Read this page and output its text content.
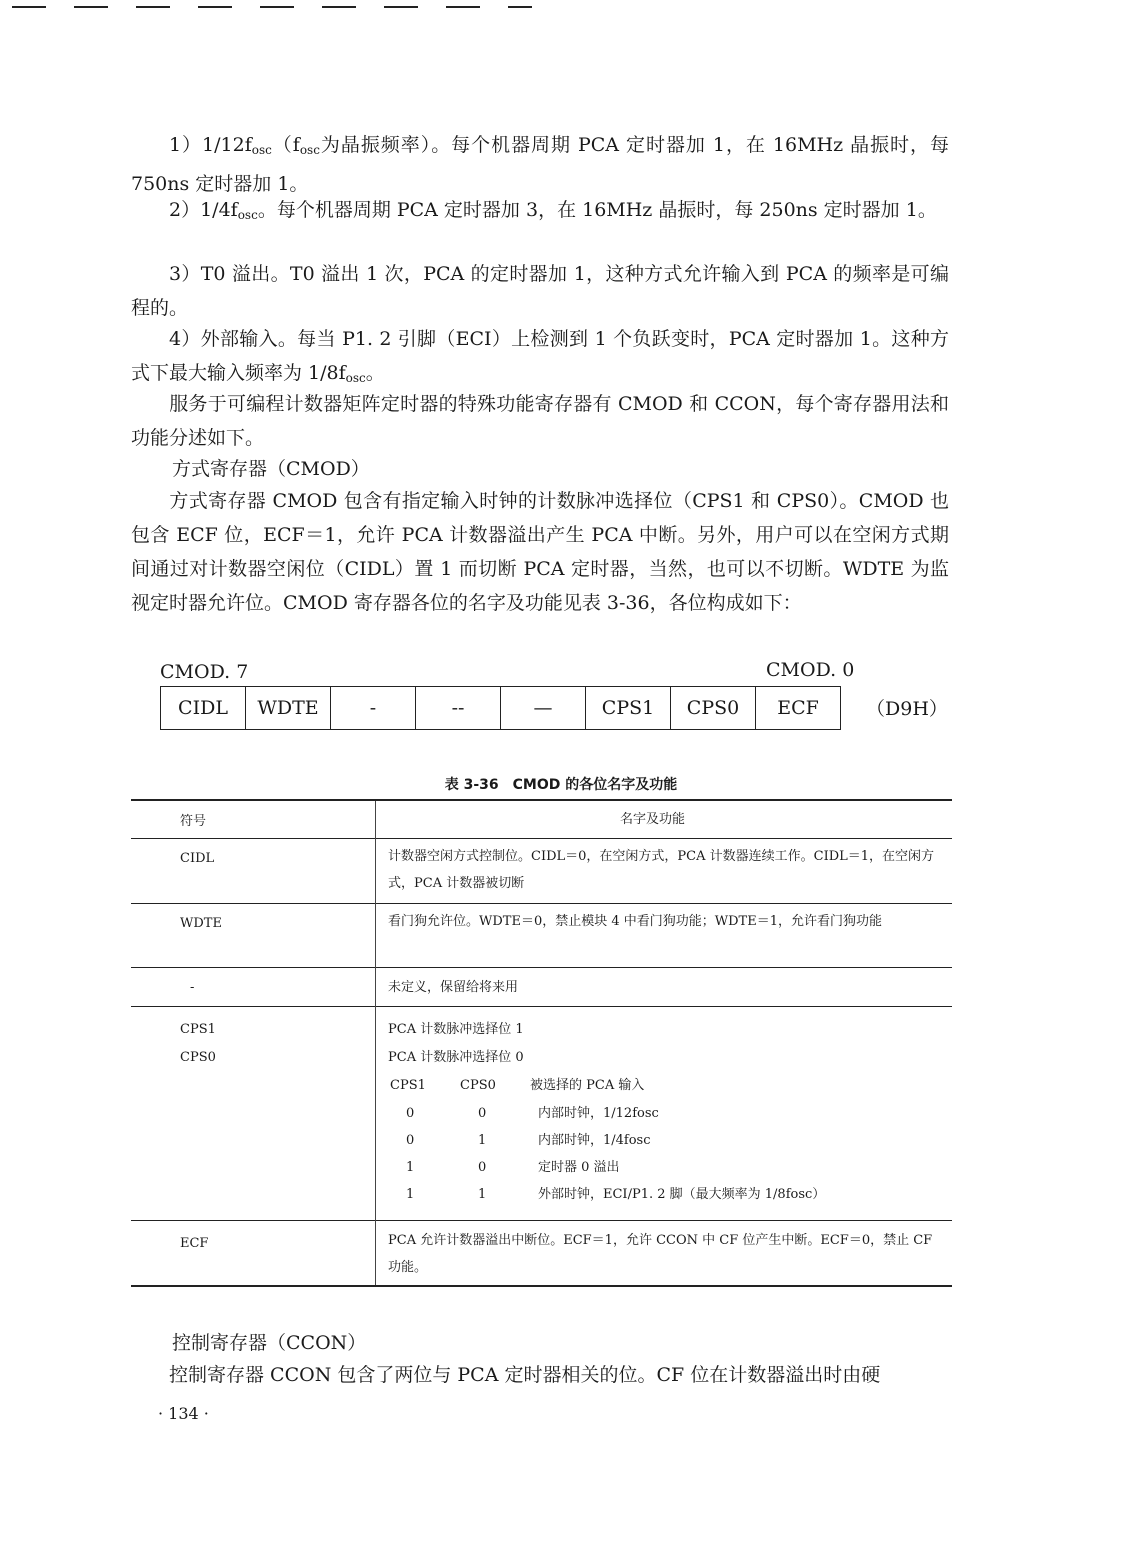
$1)1/12f_{osc}(f_{osc}$为晶振频率）。每个机器周期 PCA 定时器加 1，在 16MHz 晶振时，每 750ns 定时器加 1。

$2)1/4f_{osc}$。每个机器周期 PCA 定时器加 3，在 16MHz 晶振时，每 250ns 定时器加 1。

3）T0 溢出。T0 溢出 1 次，PCA 的定时器加 1，这种方式允许输入到 PCA 的频率是可编程的。

4）外部输入。每当 P1. 2 引脚（ECI）上检测到 1 个负跃变时，PCA 定时器加 1。这种方式下最大输入频率为 $1/8f_{osc}$。

服务于可编程计数器矩阵定时器的特殊功能寄存器有 CMOD 和 CCON，每个寄存器用法和功能分述如下。

方式寄存器（CMOD）

方式寄存器 CMOD 包含有指定输入时钟的计数脉冲选择位（CPS1 和 CPS0）。CMOD 也包含 ECF 位，ECF＝1，允许 PCA 计数器溢出产生 PCA 中断。另外，用户可以在空闲方式期间通过对计数器空闲位（CIDL）置 1 而切断 PCA 定时器，当然，也可以不切断。WDTE 为监视定时器允许位。CMOD 寄存器各位的名字及功能见表 3-36，各位构成如下：

CMOD. 7	CMOD. 0
CIDL	WDTE	-	--	—	CPS1	CPS0	ECF （D9H）
表 3-36　CMOD 的各位名字及功能
符号	名字及功能
CIDL	计数器空闲方式控制位。CIDL＝0，在空闲方式，PCA 计数器连续工作。CIDL＝1，在空闲方式，PCA 计数器被切断
WDTE	看门狗允许位。WDTE＝0，禁止模块 4 中看门狗功能；WDTE＝1，允许看门狗功能
-	未定义，保留给将来用
CPS1	PCA 计数脉冲选择位 1
CPS0	PCA 计数脉冲选择位 0
CPS1	CPS0	被选择的 PCA 输入
0	0	内部时钟，1/12fosc
0	1	内部时钟，1/4fosc
1	0	定时器 0 溢出
1	1	外部时钟，ECI/P1. 2 脚（最大频率为 1/8fosc）
ECF	PCA 允许计数器溢出中断位。ECF＝1，允许 CCON 中 CF 位产生中断。ECF＝0，禁止 CF 功能。

控制寄存器（CCON）

控制寄存器 CCON 包含了两位与 PCA 定时器相关的位。CF 位在计数器溢出时由硬

· 134 ·
